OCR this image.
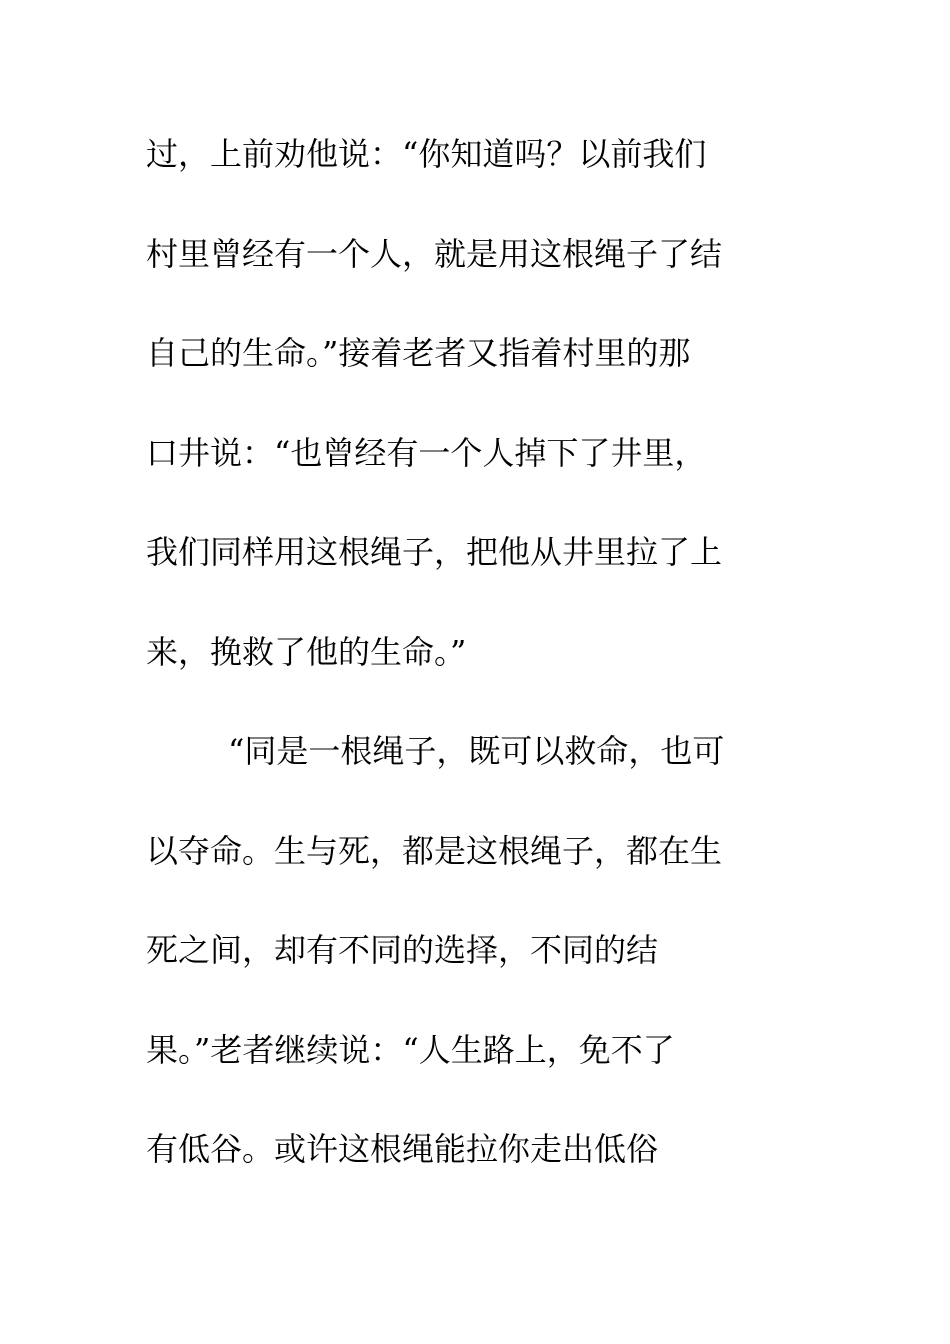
过，上前劝他说：“你知道吗？以前我们
村里曾经有一个人，就是用这根绳子了结
自己的生命。”接着老者又指着村里的那
口井说：“也曾经有一个人掉下了井里，
我们同样用这根绳子，把他从井里拉了上
来，挽救了他的生命。”
“同是一根绳子，既可以救命，也可
以夺命。生与死，都是这根绳子，都在生
死之间，却有不同的选择，不同的结
果。”老者继续说：“人生路上，免不了
有低谷。或许这根绳能拉你走出低俗
